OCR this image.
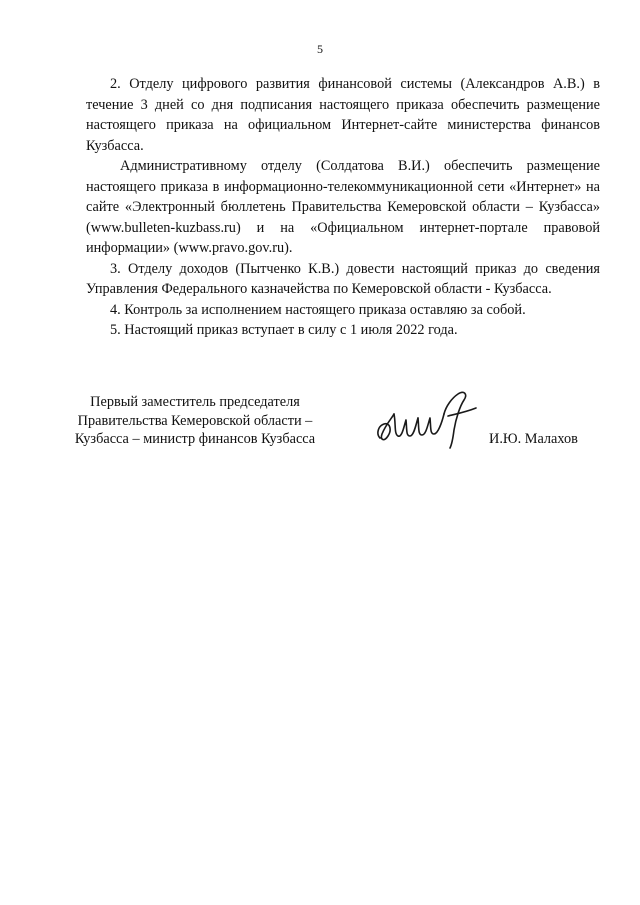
5

2. Отделу цифрового развития финансовой системы (Александров А.В.) в течение 3 дней со дня подписания настоящего приказа обеспечить размещение настоящего приказа на официальном Интернет-сайте министерства финансов Кузбасса.

Административному отделу (Солдатова В.И.) обеспечить размещение настоящего приказа в информационно-телекоммуникационной сети «Интернет» на сайте «Электронный бюллетень Правительства Кемеровской области – Кузбасса» (www.bulleten-kuzbass.ru) и на «Официальном интернет-портале правовой информации» (www.pravo.gov.ru).

3. Отделу доходов (Пытченко К.В.) довести настоящий приказ до сведения Управления Федерального казначейства по Кемеровской области - Кузбасса.

4. Контроль за исполнением настоящего приказа оставляю за собой.

5. Настоящий приказ вступает в силу с 1 июля 2022 года.

Первый заместитель председателя
Правительства Кемеровской области –
Кузбасса – министр финансов Кузбасса	И.Ю. Малахов
